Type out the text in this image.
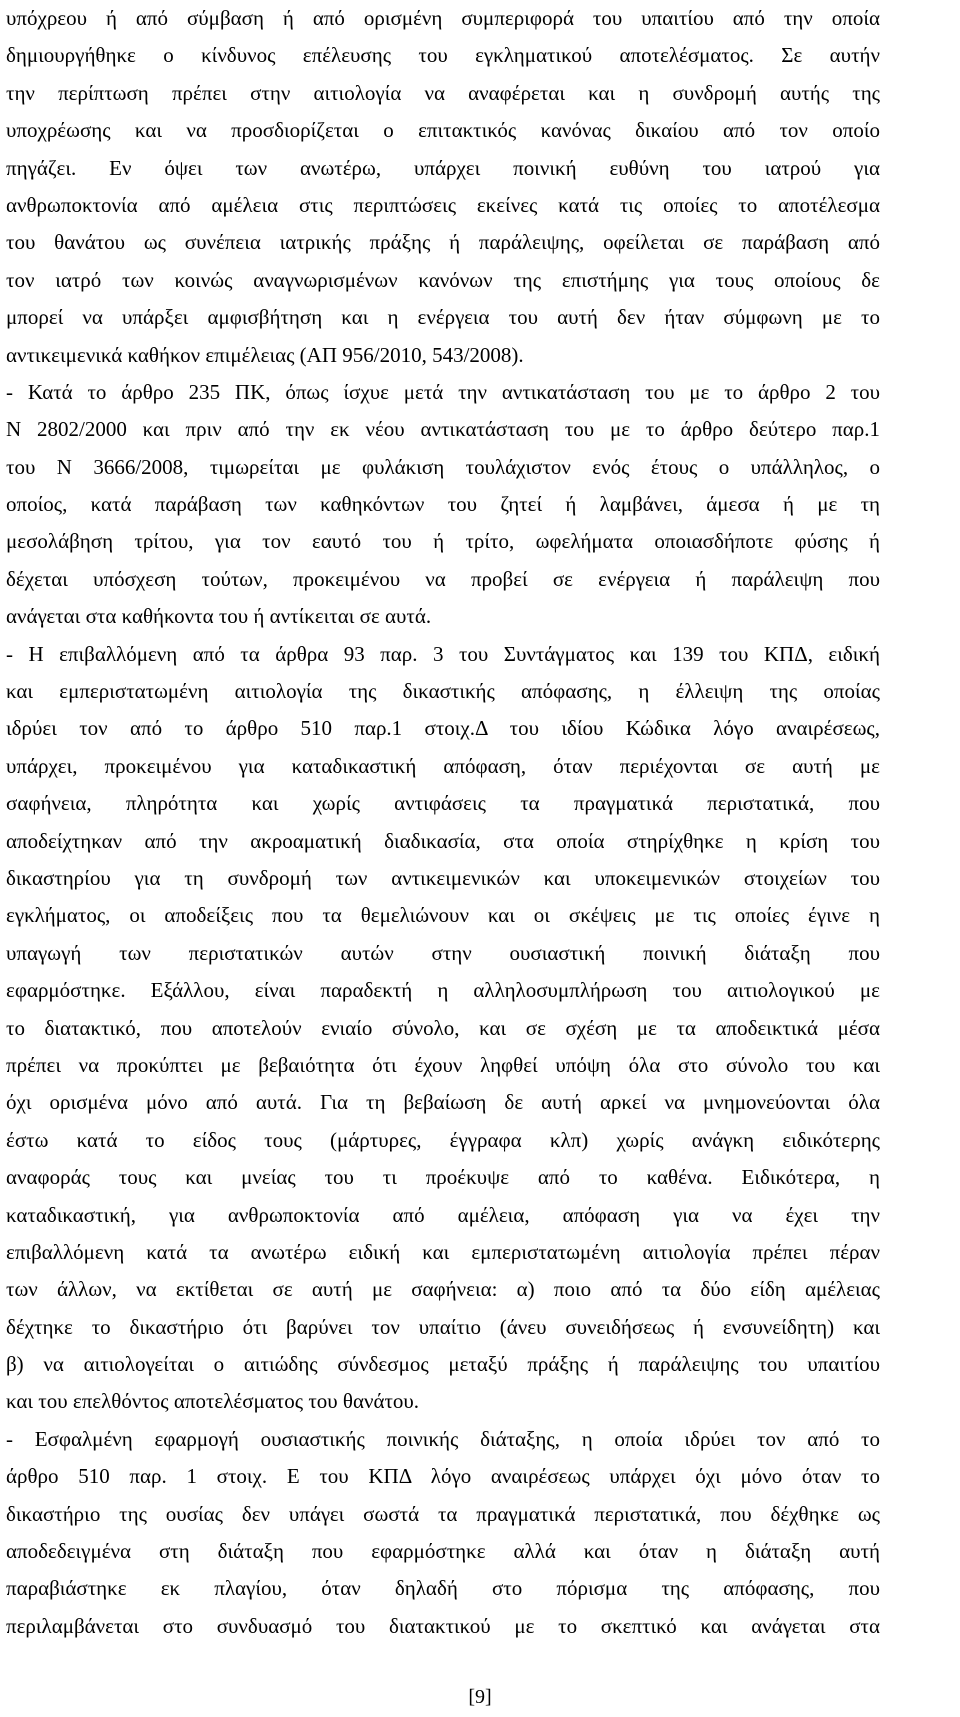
υπόχρεου ή από σύμβαση ή από ορισμένη συμπεριφορά του υπαιτίου από την οποία
δημιουργήθηκε ο κίνδυνος επέλευσης του εγκληματικού αποτελέσματος. Σε αυτήν
την περίπτωση πρέπει στην αιτιολογία να αναφέρεται και η συνδρομή αυτής της
υποχρέωσης και να προσδιορίζεται ο επιτακτικός κανόνας δικαίου από τον οποίο
πηγάζει. Εν όψει των ανωτέρω, υπάρχει ποινική ευθύνη του ιατρού για
ανθρωποκτονία από αμέλεια στις περιπτώσεις εκείνες κατά τις οποίες το αποτέλεσμα
του θανάτου ως συνέπεια ιατρικής πράξης ή παράλειψης, οφείλεται σε παράβαση από
τον ιατρό των κοινώς αναγνωρισμένων κανόνων της επιστήμης για τους οποίους δε
μπορεί να υπάρξει αμφισβήτηση και η ενέργεια του αυτή δεν ήταν σύμφωνη με το
αντικειμενικά καθήκον επιμέλειας (ΑΠ 956/2010, 543/2008).
- Κατά το άρθρο 235 ΠΚ, όπως ίσχυε μετά την αντικατάσταση του με το άρθρο 2 του
Ν 2802/2000 και πριν από την εκ νέου αντικατάσταση του με το άρθρο δεύτερο παρ.1
του Ν 3666/2008, τιμωρείται με φυλάκιση τουλάχιστον ενός έτους ο υπάλληλος, ο
οποίος, κατά παράβαση των καθηκόντων του ζητεί ή λαμβάνει, άμεσα ή με τη
μεσολάβηση τρίτου, για τον εαυτό του ή τρίτο, ωφελήματα οποιασδήποτε φύσης ή
δέχεται υπόσχεση τούτων, προκειμένου να προβεί σε ενέργεια ή παράλειψη που
ανάγεται στα καθήκοντα του ή αντίκειται σε αυτά.
- Η επιβαλλόμενη από τα άρθρα 93 παρ. 3 του Συντάγματος και 139 του ΚΠΔ, ειδική
και εμπεριστατωμένη αιτιολογία της δικαστικής απόφασης, η έλλειψη της οποίας
ιδρύει τον από το άρθρο 510 παρ.1 στοιχ.Δ του ιδίου Κώδικα λόγο αναιρέσεως,
υπάρχει, προκειμένου για καταδικαστική απόφαση, όταν περιέχονται σε αυτή με
σαφήνεια, πληρότητα και χωρίς αντιφάσεις τα πραγματικά περιστατικά, που
αποδείχτηκαν από την ακροαματική διαδικασία, στα οποία στηρίχθηκε η κρίση του
δικαστηρίου για τη συνδρομή των αντικειμενικών και υποκειμενικών στοιχείων του
εγκλήματος, οι αποδείξεις που τα θεμελιώνουν και οι σκέψεις με τις οποίες έγινε η
υπαγωγή των περιστατικών αυτών στην ουσιαστική ποινική διάταξη που
εφαρμόστηκε. Εξάλλου, είναι παραδεκτή η αλληλοσυμπλήρωση του αιτιολογικού με
το διατακτικό, που αποτελούν ενιαίο σύνολο, και σε σχέση με τα αποδεικτικά μέσα
πρέπει να προκύπτει με βεβαιότητα ότι έχουν ληφθεί υπόψη όλα στο σύνολο του και
όχι ορισμένα μόνο από αυτά. Για τη βεβαίωση δε αυτή αρκεί να μνημονεύονται όλα
έστω κατά το είδος τους (μάρτυρες, έγγραφα κλπ) χωρίς ανάγκη ειδικότερης
αναφοράς τους και μνείας του τι προέκυψε από το καθένα. Ειδικότερα, η
καταδικαστική, για ανθρωποκτονία από αμέλεια, απόφαση για να έχει την
επιβαλλόμενη κατά τα ανωτέρω ειδική και εμπεριστατωμένη αιτιολογία πρέπει πέραν
των άλλων, να εκτίθεται σε αυτή με σαφήνεια: α) ποιο από τα δύο είδη αμέλειας
δέχτηκε το δικαστήριο ότι βαρύνει τον υπαίτιο (άνευ συνειδήσεως ή ενσυνείδητη) και
β) να αιτιολογείται ο αιτιώδης σύνδεσμος μεταξύ πράξης ή παράλειψης του υπαιτίου
και του επελθόντος αποτελέσματος του θανάτου.
- Εσφαλμένη εφαρμογή ουσιαστικής ποινικής διάταξης, η οποία ιδρύει τον από το
άρθρο 510 παρ. 1 στοιχ. Ε του ΚΠΔ λόγο αναιρέσεως υπάρχει όχι μόνο όταν το
δικαστήριο της ουσίας δεν υπάγει σωστά τα πραγματικά περιστατικά, που δέχθηκε ως
αποδεδειγμένα στη διάταξη που εφαρμόστηκε αλλά και όταν η διάταξη αυτή
παραβιάστηκε εκ πλαγίου, όταν δηλαδή στο πόρισμα της απόφασης, που
περιλαμβάνεται στο συνδυασμό του διατακτικού με το σκεπτικό και ανάγεται στα
[9]
